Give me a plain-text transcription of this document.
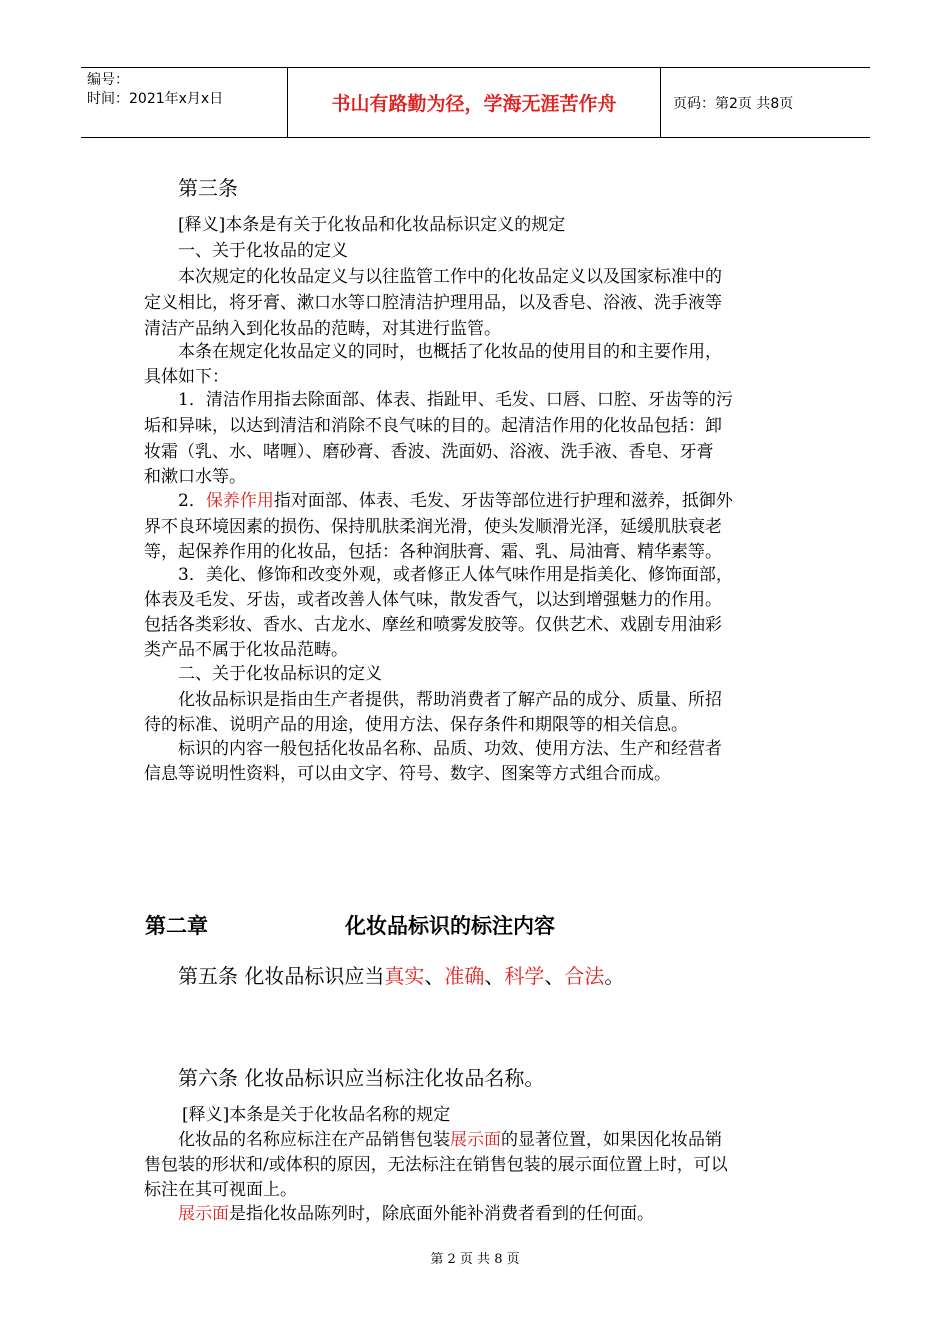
编号：
时间：2021年x月x日	书山有路勤为径，学海无涯苦作舟	页码：第2页 共8页
第三条
[释义]本条是有关于化妆品和化妆品标识定义的规定
一、关于化妆品的定义
本次规定的化妆品定义与以往监管工作中的化妆品定义以及国家标准中的
定义相比，将牙膏、漱口水等口腔清洁护理用品，以及香皂、浴液、洗手液等
清洁产品纳入到化妆品的范畴，对其进行监管。
本条在规定化妆品定义的同时，也概括了化妆品的使用目的和主要作用，
具体如下：
1．清洁作用指去除面部、体表、指趾甲、毛发、口唇、口腔、牙齿等的污
垢和异味，以达到清洁和消除不良气味的目的。起清洁作用的化妆品包括：卸
妆霜（乳、水、啫喱）、磨砂膏、香波、洗面奶、浴液、洗手液、香皂、牙膏
和漱口水等。
2．保养作用指对面部、体表、毛发、牙齿等部位进行护理和滋养，抵御外
界不良环境因素的损伤、保持肌肤柔润光滑，使头发顺滑光泽，延缓肌肤衰老
等，起保养作用的化妆品，包括：各种润肤膏、霜、乳、局油膏、精华素等。
3．美化、修饰和改变外观，或者修正人体气味作用是指美化、修饰面部，
体表及毛发、牙齿，或者改善人体气味，散发香气，以达到增强魅力的作用。
包括各类彩妆、香水、古龙水、摩丝和喷雾发胶等。仅供艺术、戏剧专用油彩
类产品不属于化妆品范畴。
二、关于化妆品标识的定义
化妆品标识是指由生产者提供，帮助消费者了解产品的成分、质量、所招
待的标准、说明产品的用途，使用方法、保存条件和期限等的相关信息。
标识的内容一般包括化妆品名称、品质、功效、使用方法、生产和经营者
信息等说明性资料，可以由文字、符号、数字、图案等方式组合而成。
第二章	化妆品标识的标注内容
第五条 化妆品标识应当真实、准确、科学、合法。
第六条 化妆品标识应当标注化妆品名称。
[释义]本条是关于化妆品名称的规定
化妆品的名称应标注在产品销售包装展示面的显著位置，如果因化妆品销
售包装的形状和/或体积的原因，无法标注在销售包装的展示面位置上时，可以
标注在其可视面上。
展示面是指化妆品陈列时，除底面外能补消费者看到的任何面。
第 2 页 共 8 页
